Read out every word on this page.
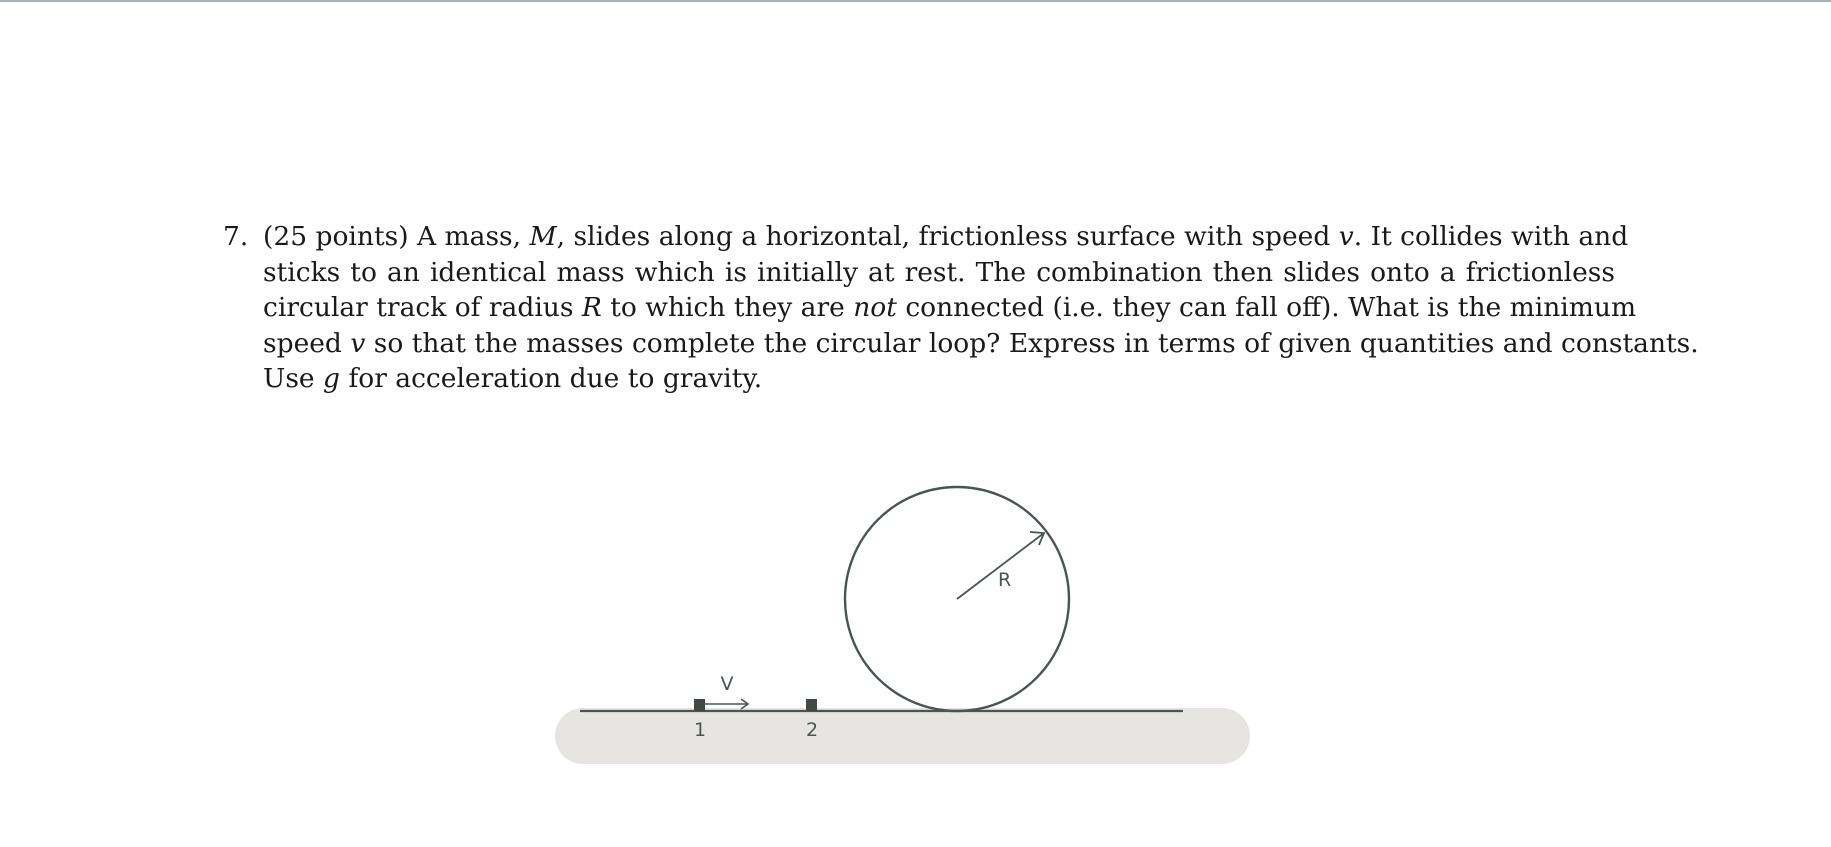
7. (25 points) A mass, M, slides along a horizontal, frictionless surface with speed v. It collides with and
sticks to an identical mass which is initially at rest. The combination then slides onto a frictionless
circular track of radius R to which they are not connected (i.e. they can fall off). What is the minimum
speed v so that the masses complete the circular loop? Express in terms of given quantities and constants.
Use g for acceleration due to gravity.
R
V
1	2
